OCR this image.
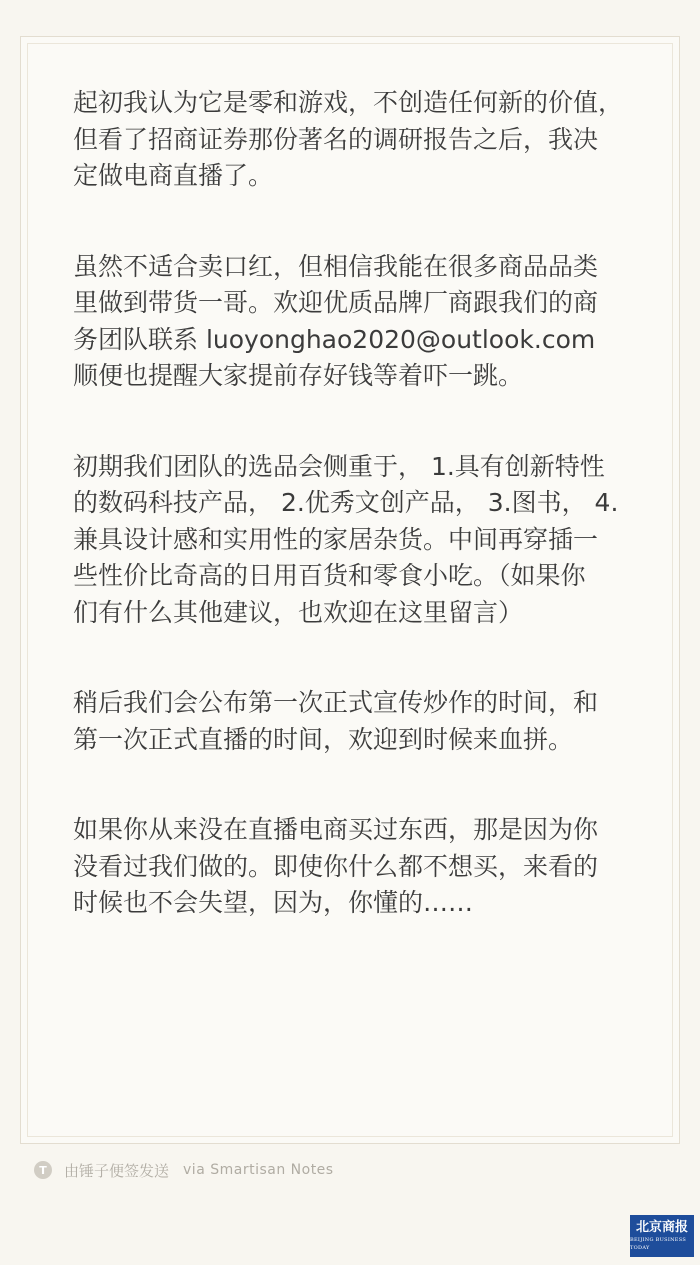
起初我认为它是零和游戏，不创造任何新的价值，
但看了招商证券那份著名的调研报告之后，我决
定做电商直播了。
虽然不适合卖口红，但相信我能在很多商品品类
里做到带货一哥。欢迎优质品牌厂商跟我们的商
务团队联系 luoyonghao2020@outlook.com
顺便也提醒大家提前存好钱等着吓一跳。
初期我们团队的选品会侧重于， 1.具有创新特性
的数码科技产品， 2.优秀文创产品， 3.图书， 4.
兼具设计感和实用性的家居杂货。中间再穿插一
些性价比奇高的日用百货和零食小吃。（如果你
们有什么其他建议，也欢迎在这里留言）
稍后我们会公布第一次正式宣传炒作的时间，和
第一次正式直播的时间，欢迎到时候来血拼。
如果你从来没在直播电商买过东西，那是因为你
没看过我们做的。即使你什么都不想买，来看的
时候也不会失望，因为，你懂的……
T	由锤子便签发送 via Smartisan Notes
北京商报
BEIJING BUSINESS TODAY
